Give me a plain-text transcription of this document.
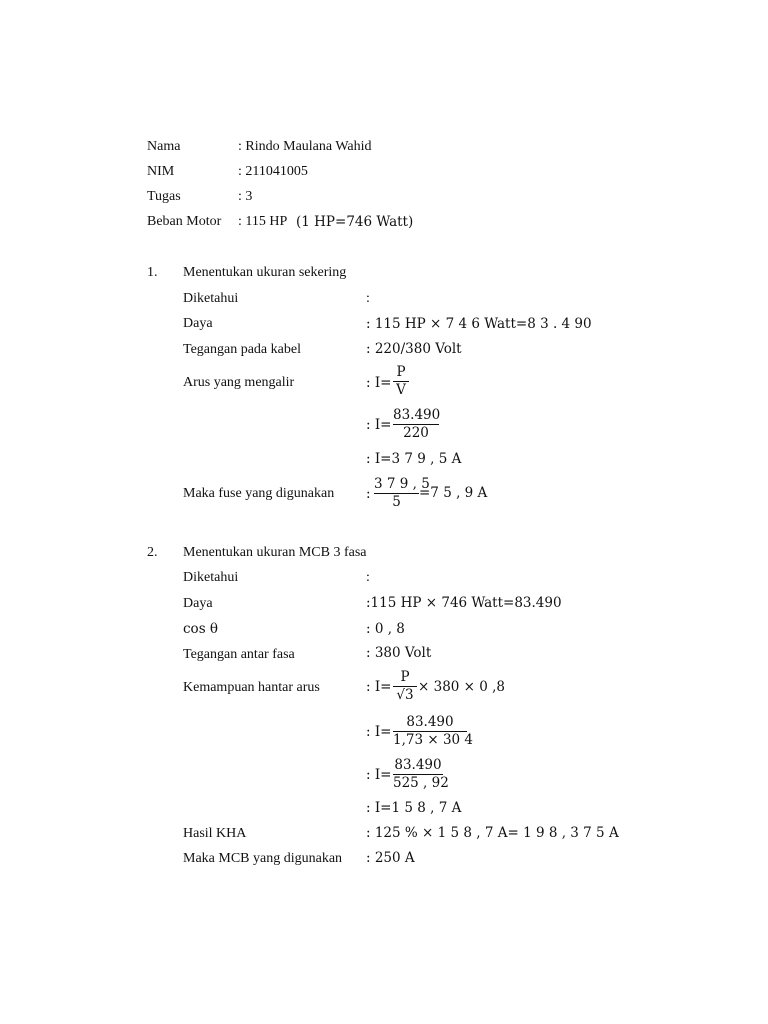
Nama	: Rindo Maulana Wahid
NIM	: 211041005
Tugas	: 3
Beban Motor : 115 HP (1 HP=746 Watt)
1. Menentukan ukuran sekering
Diketahui	:
Daya	: 115 HP × 7 4 6 Watt=8 3 . 4 90
Tegangan pada kabel	: 220/380 Volt
Arus yang mengalir	: I=
P
V
: I=
83.490
220
: I=3 7 9 , 5 A
Maka fuse yang digunakan :
3 7 9 , 5
5
=7 5 , 9 A
2. Menentukan ukuran MCB 3 fasa
Diketahui	:
Daya	:115 HP × 746 Watt=83.490
cos θ	: 0 , 8
Tegangan antar fasa	: 380 Volt
Kemampuan hantar arus	: I=
P
√3 × 380 × 0 ,8
: I=
83.490
1,73 × 30 4
: I=
83.490
525 , 92
: I=1 5 8 , 7 A
Hasil KHA	: 125 % × 1 5 8 , 7 A= 1 9 8 , 3 7 5 A
Maka MCB yang digunakan : 250 A
